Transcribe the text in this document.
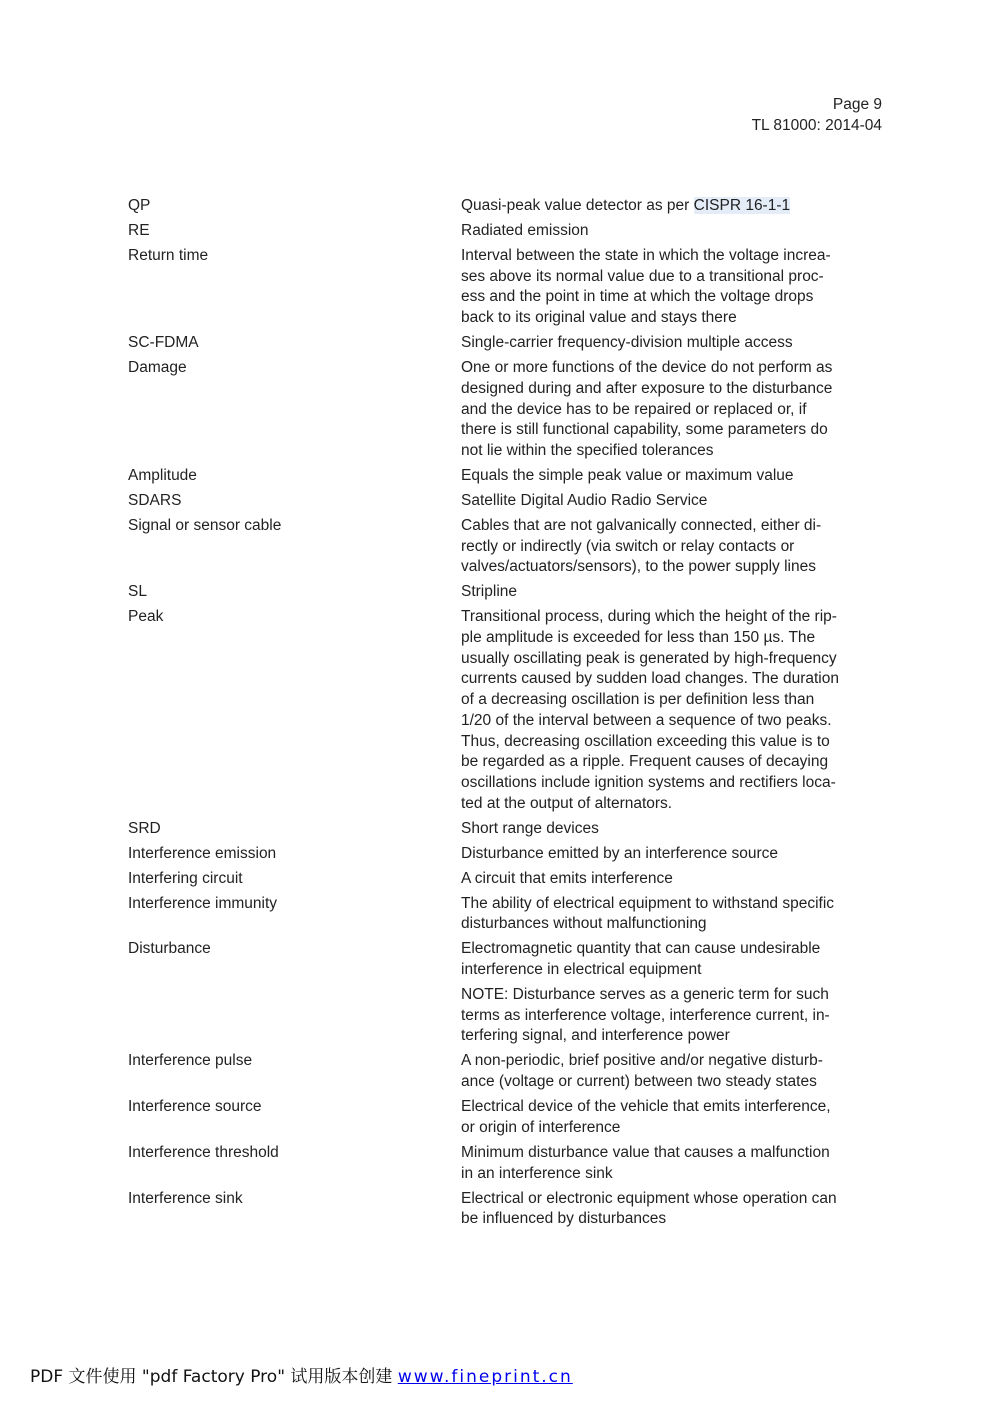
Page 9
TL 81000: 2014-04
QP	Quasi-peak value detector as per CISPR 16-1-1
RE	Radiated emission
Return time	Interval between the state in which the voltage increa-
ses above its normal value due to a transitional proc-
ess and the point in time at which the voltage drops
back to its original value and stays there
SC-FDMA	Single-carrier frequency-division multiple access
Damage	One or more functions of the device do not perform as
designed during and after exposure to the disturbance
and the device has to be repaired or replaced or, if
there is still functional capability, some parameters do
not lie within the specified tolerances
Amplitude	Equals the simple peak value or maximum value
SDARS	Satellite Digital Audio Radio Service
Signal or sensor cable	Cables that are not galvanically connected, either di-
rectly or indirectly (via switch or relay contacts or
valves/actuators/sensors), to the power supply lines
SL	Stripline
Peak	Transitional process, during which the height of the rip-
ple amplitude is exceeded for less than 150 µs. The
usually oscillating peak is generated by high-frequency
currents caused by sudden load changes. The duration
of a decreasing oscillation is per definition less than
1/20 of the interval between a sequence of two peaks.
Thus, decreasing oscillation exceeding this value is to
be regarded as a ripple. Frequent causes of decaying
oscillations include ignition systems and rectifiers loca-
ted at the output of alternators.
SRD	Short range devices
Interference emission	Disturbance emitted by an interference source
Interfering circuit	A circuit that emits interference
Interference immunity	The ability of electrical equipment to withstand specific
disturbances without malfunctioning
Disturbance	Electromagnetic quantity that can cause undesirable
interference in electrical equipment
NOTE: Disturbance serves as a generic term for such
terms as interference voltage, interference current, in-
terfering signal, and interference power
Interference pulse	A non-periodic, brief positive and/or negative disturb-
ance (voltage or current) between two steady states
Interference source	Electrical device of the vehicle that emits interference,
or origin of interference
Interference threshold	Minimum disturbance value that causes a malfunction
in an interference sink
Interference sink	Electrical or electronic equipment whose operation can
be influenced by disturbances
PDF 文件使用 "pdf Factory Pro" 试用版本创建 www.fineprint.cn
